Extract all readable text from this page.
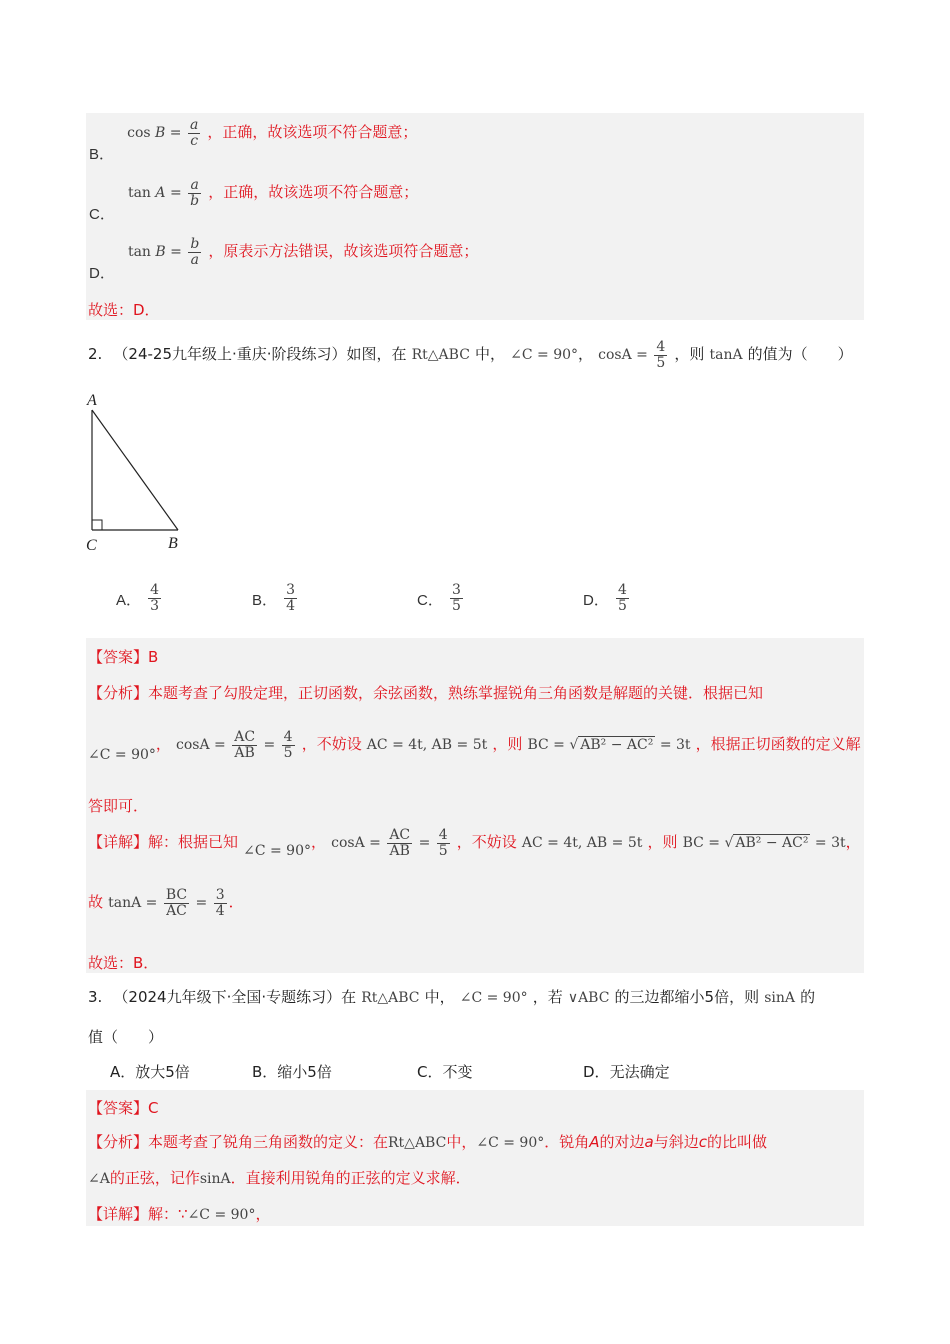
B． $\cos B = \frac{a}{c}$ ，正确，故该选项不符合题意；
C． $\tan A = \frac{a}{b}$ ，正确，故该选项不符合题意；
D． $\tan B = \frac{b}{a}$ ，原表示方法错误，故该选项符合题意；
故选：D．
2. （24-25九年级上·重庆·阶段练习）如图，在 Rt△ABC 中， ∠C = 90°， $\cos A = \frac{4}{5}$ ，则 tanA 的值为（　　）
A
C	B
A． $\frac{4}{3}$	B． $\frac{3}{4}$	C． $\frac{3}{5}$	D． $\frac{4}{5}$
【答案】B
【分析】本题考查了勾股定理，正切函数，余弦函数，熟练掌握锐角三角函数是解题的关键．根据已知
∠C = 90°， $\cos A = \frac{AC}{AB} = \frac{4}{5}$ ，不妨设 AC = 4t, AB = 5t ，则 BC = √ AB² − AC² = 3t ，根据正切函数的定义解
答即可．
【详解】解：根据已知 ∠C = 90°， $\cos A = \frac{AC}{AB} = \frac{4}{5}$ ，不妨设 AC = 4t, AB = 5t ，则 BC = √ AB² − AC² = 3t，
故 $\tan A = \frac{BC}{AC} = \frac{3}{4}$ ．
故选：B．
3. （2024九年级下·全国·专题练习）在 Rt△ABC 中， ∠C = 90° ，若 ∨ABC 的三边都缩小5倍，则 sinA 的
值（　　）
A．放大5倍	B．缩小5倍	C．不变	D．无法确定
【答案】C
【分析】本题考查了锐角三角函数的定义：在Rt△ABC中，∠C = 90°．锐角A的对边a与斜边c的比叫做
∠A的正弦，记作sinA．直接利用锐角的正弦的定义求解．
【详解】解：∵∠C = 90°，
